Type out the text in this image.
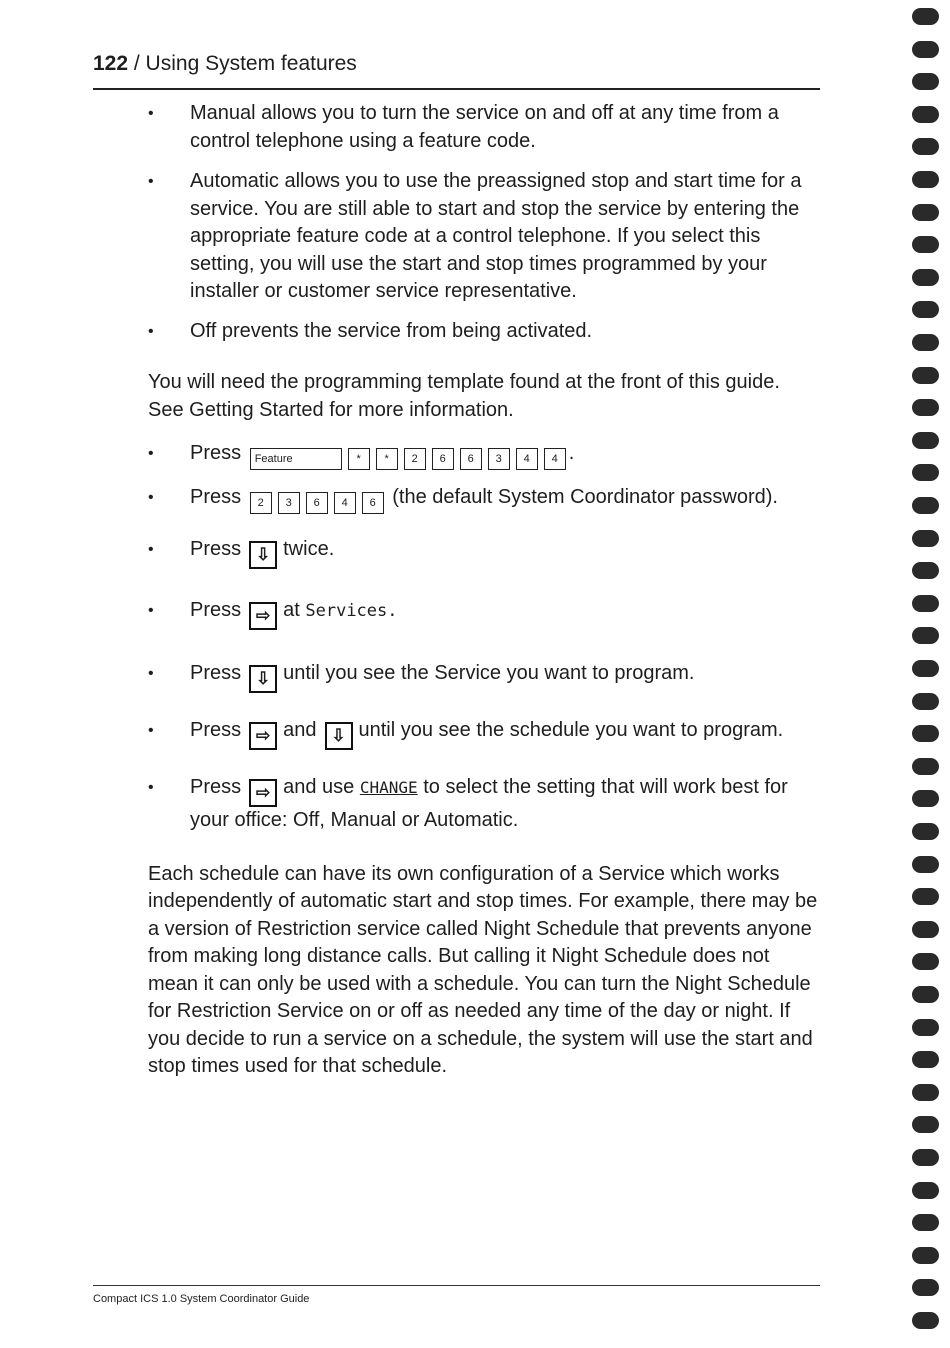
122 / Using System features
• Manual allows you to turn the service on and off at any time from a control telephone using a feature code.
• Automatic allows you to use the preassigned stop and start time for a service. You are still able to start and stop the service by entering the appropriate feature code at a control telephone. If you select this setting, you will use the start and stop times programmed by your installer or customer service representative.
• Off prevents the service from being activated.

You will need the programming template found at the front of this guide. See Getting Started for more information.

• Press Feature	* * 2 6 6 3 4 4 .
• Press 2 3 6 4 6 (the default System Coordinator password).
• Press ⇩ twice.
• Press ⇨ at Services.
• Press ⇩ until you see the Service you want to program.
• Press ⇨ and ⇩ until you see the schedule you want to program.
• Press ⇨ and use CHANGE to select the setting that will work best for your office: Off, Manual or Automatic.

Each schedule can have its own configuration of a Service which works independently of automatic start and stop times. For example, there may be a version of Restriction service called Night Schedule that prevents anyone from making long distance calls. But calling it Night Schedule does not mean it can only be used with a schedule. You can turn the Night Schedule for Restriction Service on or off as needed any time of the day or night. If you decide to run a service on a schedule, the system will use the start and stop times used for that schedule.

Compact ICS 1.0 System Coordinator Guide
